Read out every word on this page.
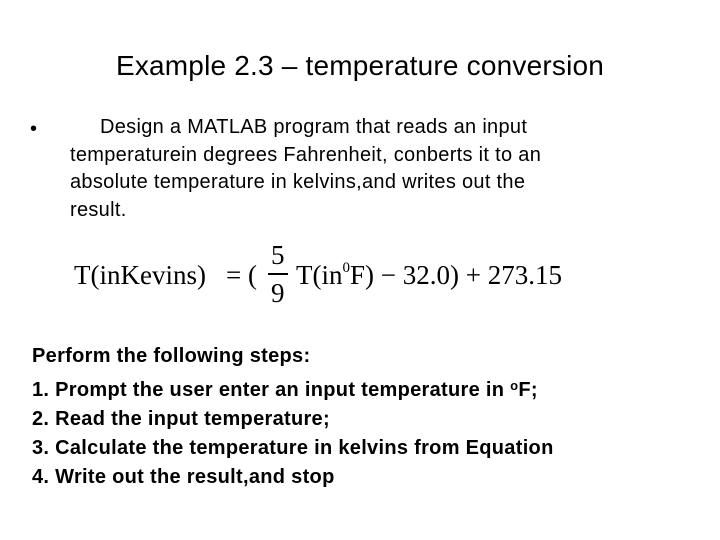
Example 2.3 – temperature conversion
•	Design a MATLAB program that reads an input
temperaturein degrees Fahrenheit, conberts it to an
absolute temperature in kelvins,and writes out the
result.
T(inKevins) = (
5
9
$T(in^0F) - 32.0) + 273.15$
Perform the following steps:
1. Prompt the user enter an input temperature in $^o$F;
2. Read the input temperature;
3. Calculate the temperature in kelvins from Equation
4. Write out the result,and stop
